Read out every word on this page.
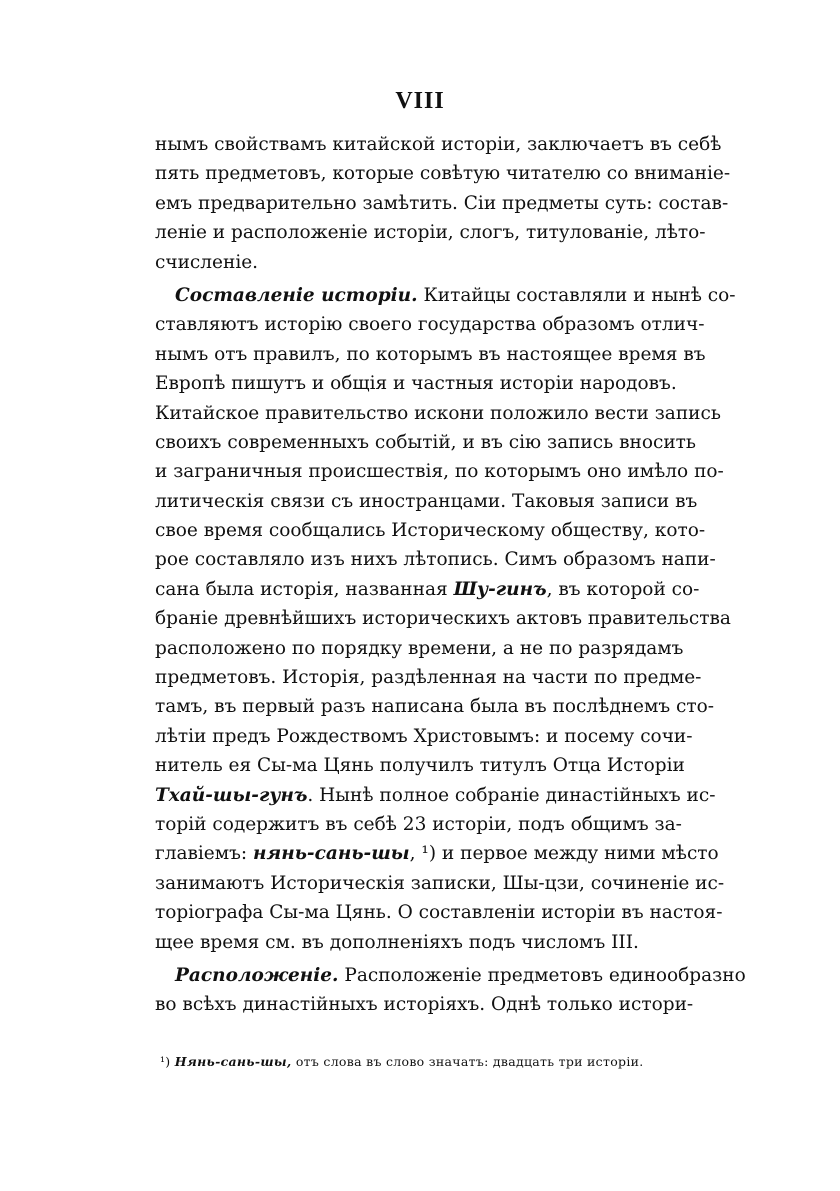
VIII
нымъ свойствамъ китайской исторіи, заключаетъ въ себѣ
пять предметовъ, которые совѣтую читателю со вниманіе-
емъ предварительно замѣтить. Сіи предметы суть: состав-
леніе и расположеніе исторіи, слогъ, титулованіе, лѣто-
счисленіе.
Составленіе исторіи. Китайцы составляли и нынѣ со-
ставляютъ исторію своего государства образомъ отлич-
нымъ отъ правилъ, по которымъ въ настоящее время въ
Европѣ пишутъ и общія и частныя исторіи народовъ.
Китайское правительство искони положило вести запись
своихъ современныхъ событій, и въ сію запись вносить
и заграничныя происшествія, по которымъ оно имѣло по-
литическія связи съ иностранцами. Таковыя записи въ
свое время сообщались Историческому обществу, кото-
рое составляло изъ нихъ лѣтопись. Симъ образомъ напи-
сана была исторія, названная Шу-гинъ, въ которой со-
браніе древнѣйшихъ историческихъ актовъ правительства
расположено по порядку времени, а не по разрядамъ
предметовъ. Исторія, раздѣленная на части по предме-
тамъ, въ первый разъ написана была въ послѣднемъ сто-
лѣтіи предъ Рождествомъ Христовымъ: и посему сочи-
нитель ея Сы-ма Цянь получилъ титулъ Отца Исторіи
Тхай-шы-гунъ. Нынѣ полное собраніе династійныхъ ис-
торій содержитъ въ себѣ 23 исторіи, подъ общимъ за-
главіемъ: нянь-сань-шы, ¹) и первое между ними мѣсто
занимаютъ Историческія записки, Шы-цзи, сочиненіе ис-
торіографа Сы-ма Цянь. О составленіи исторіи въ настоя-
щее время см. въ дополненіяхъ подъ числомъ III.
Расположеніе. Расположеніе предметовъ единообразно
во всѣхъ династійныхъ исторіяхъ. Однѣ только истори-
¹) Нянь-сань-шы, отъ слова въ слово значатъ: двадцать три исторіи.
